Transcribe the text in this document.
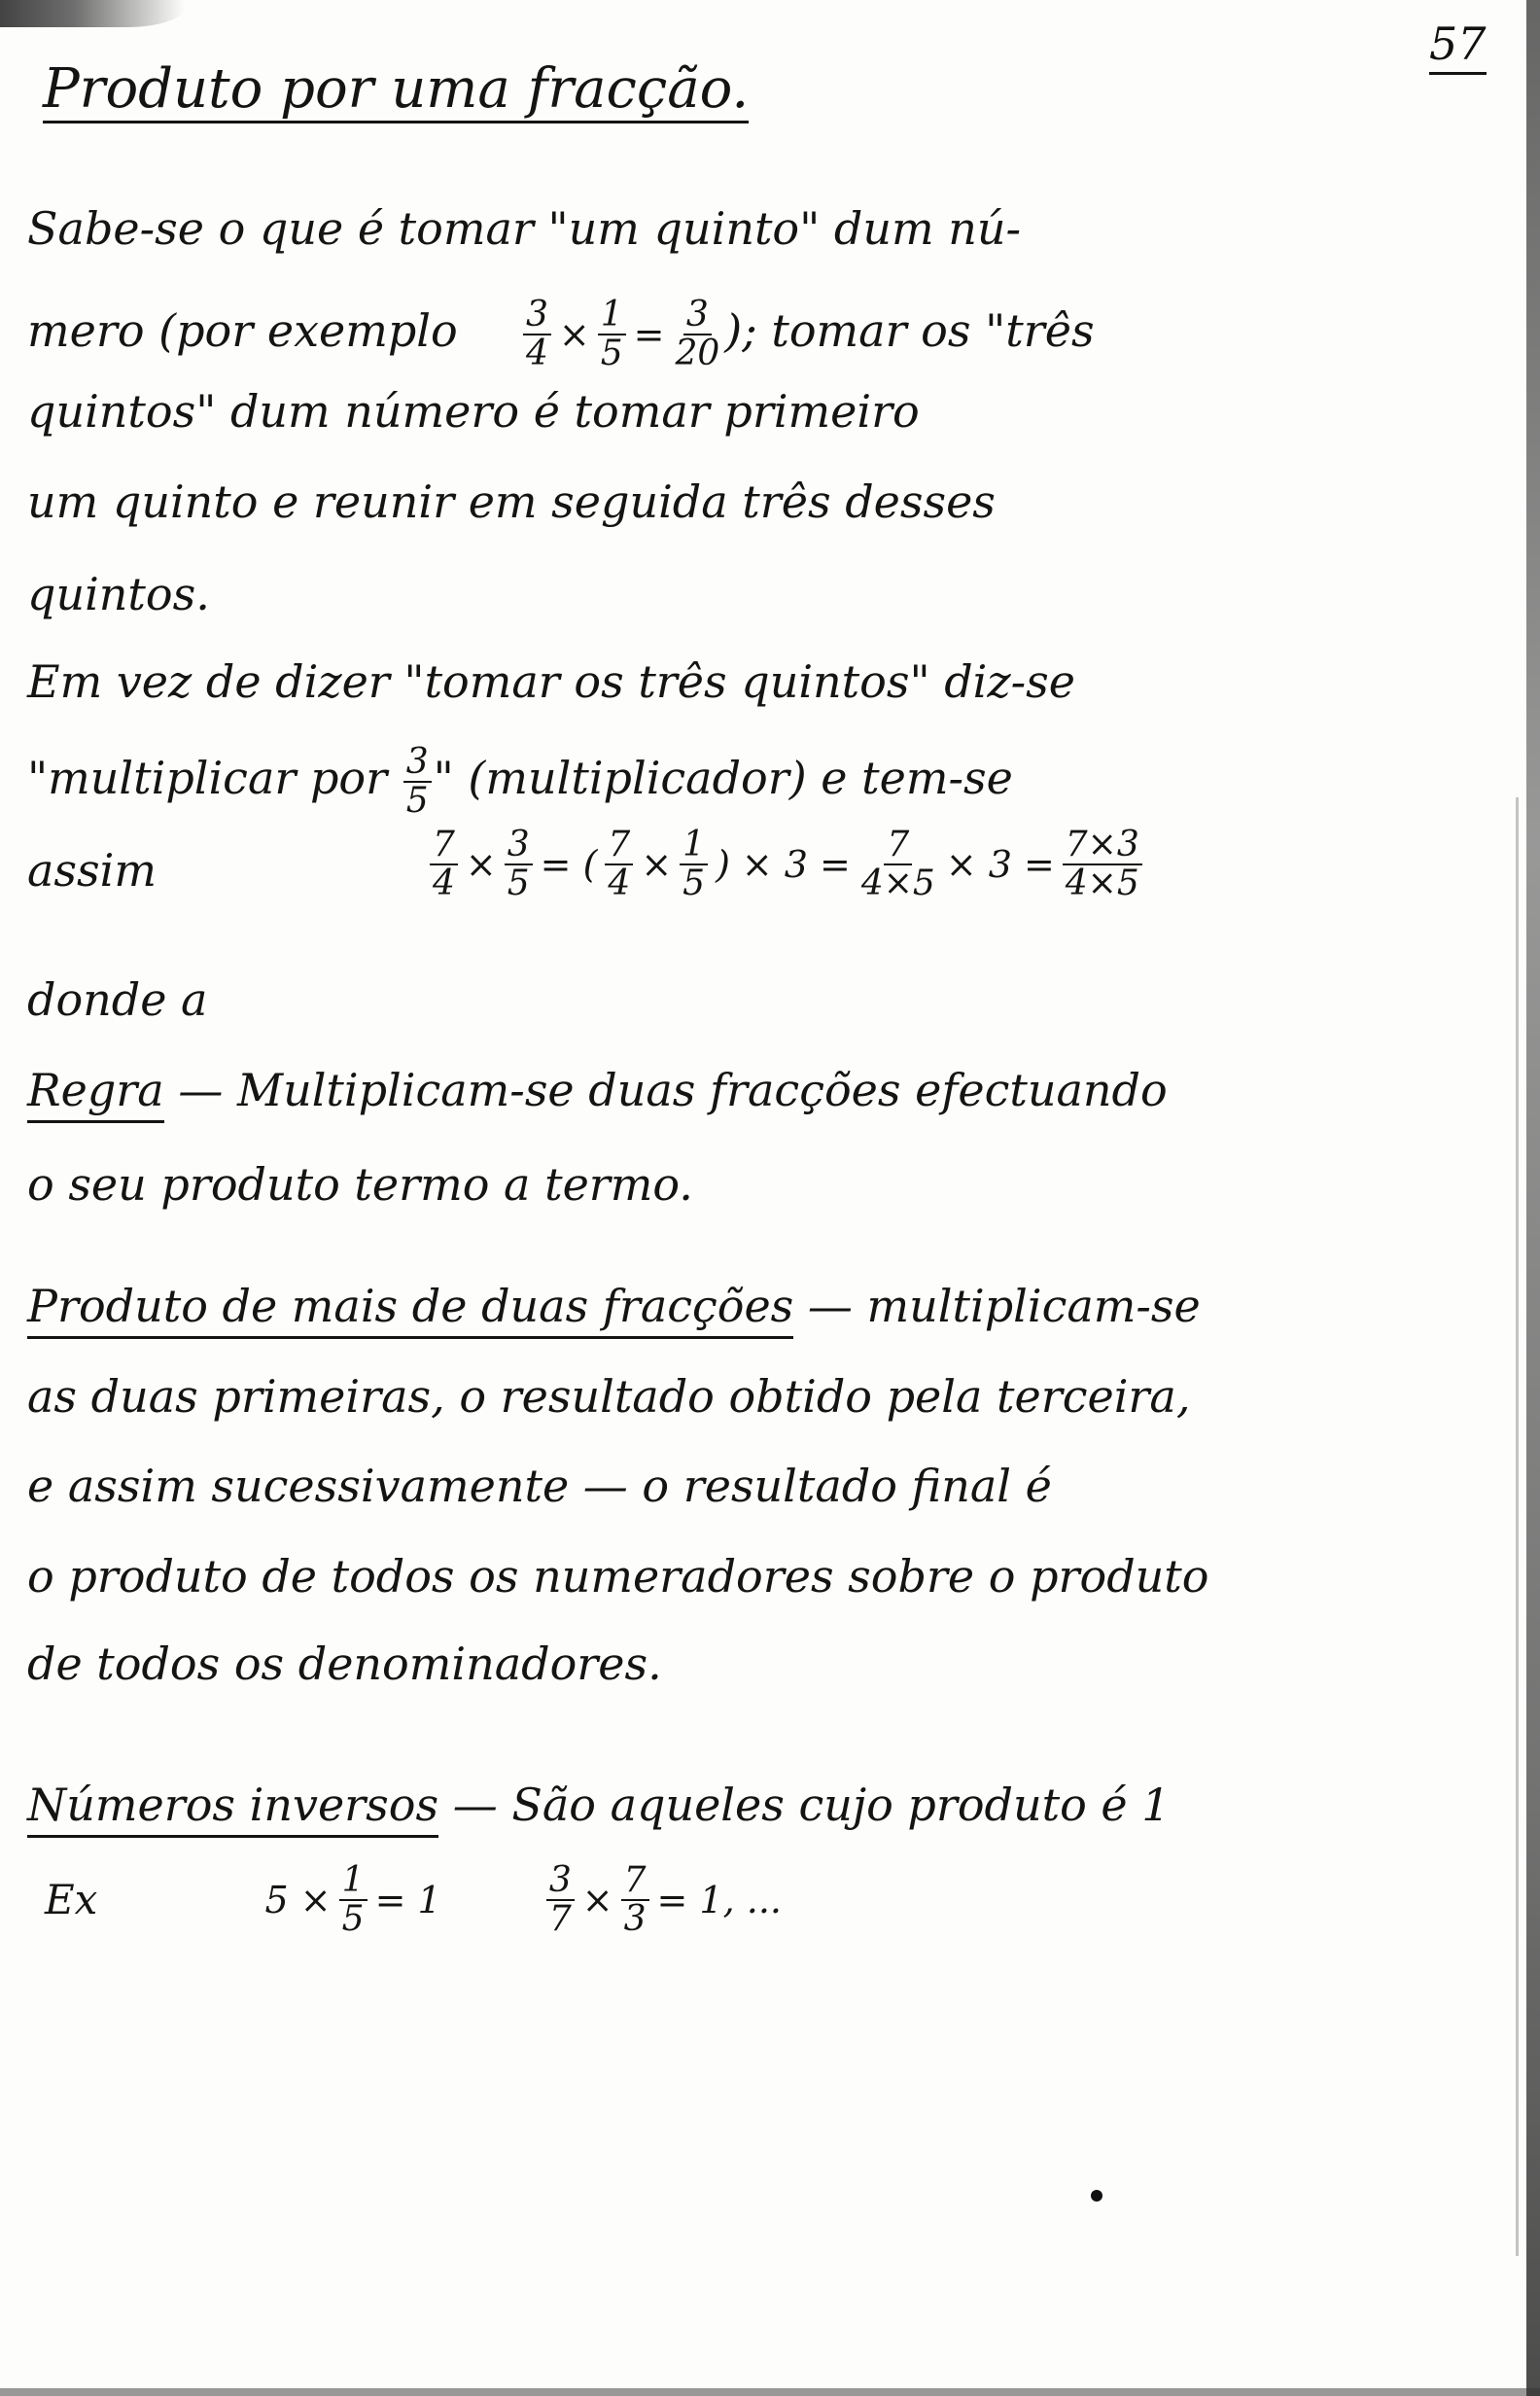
57
Produto por uma fracção.
Sabe-se o que é tomar "um quinto" dum nú-
mero (por exemplo $\frac{3}{4} \times \frac{1}{5} = \frac{3}{20}$ ); tomar os "três
quintos" dum número é tomar primeiro
um quinto e reunir em seguida três desses
quintos.
Em vez de dizer "tomar os três quintos" diz-se
"multiplicar por $\frac{3}{5}$ " (multiplicador) e tem-se
assim	$\frac{7}{4} \times \frac{3}{5}$ = ( $\frac{7}{4} \times \frac{1}{5}$ ) × $3 = \frac{7}{4\times 5} \times 3 = \frac{7\times 3}{4\times 5}$
donde a
Regra — Multiplicam-se duas fracções efectuando
o seu produto termo a termo.
Produto de mais de duas fracções — multiplicam-se
as duas primeiras, o resultado obtido pela terceira,
e assim sucessivamente — o resultado final é
o produto de todos os numeradores sobre o produto
de todos os denominadores.
Números inversos — São aqueles cujo produto é 1
Ex	$5 \times \frac{1}{5} = 1$	$\frac{3}{7} \times \frac{7}{3} = 1$, ...
